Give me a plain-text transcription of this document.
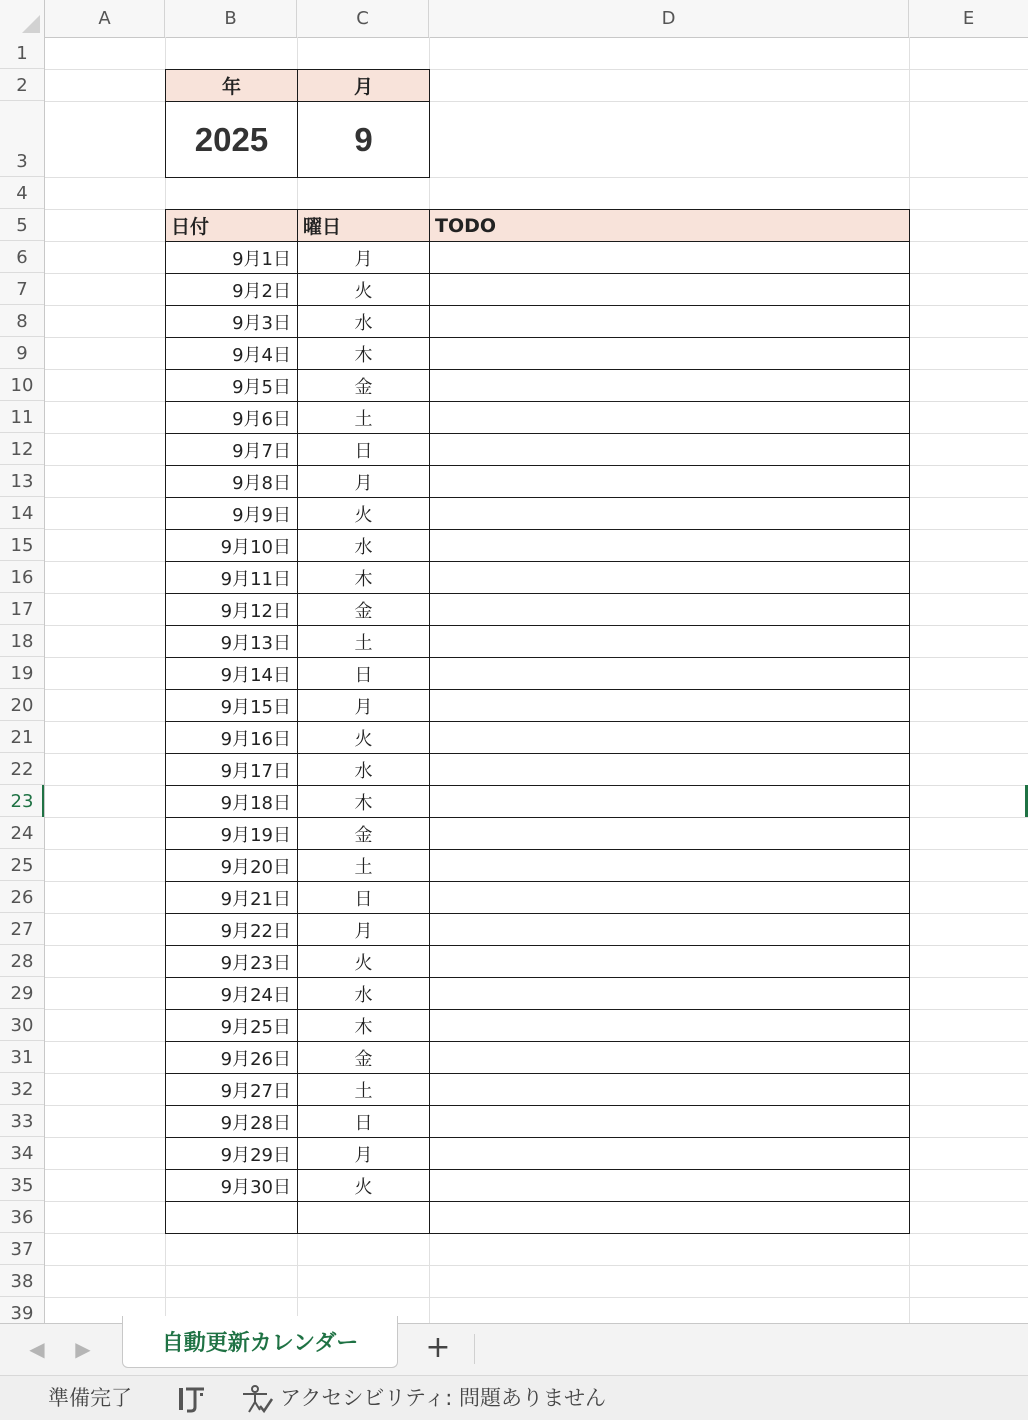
A	B	C	D	E
1
2
3
4
5
6
7
8
9
10
11
12
13
14
15
16
17
18
19
20
21
22
23
24
25
26
27
28
29
30
31
32
33
34
35
36
37
38
39
年	月
2025	9
日付	曜日	TODO
9月1日	月
9月2日	火
9月3日	水
9月4日	木
9月5日	金
9月6日	土
9月7日	日
9月8日	月
9月9日	火
9月10日	水
9月11日	木
9月12日	金
9月13日	土
9月14日	日
9月15日	月
9月16日	火
9月17日	水
9月18日	木
9月19日	金
9月20日	土
9月21日	日
9月22日	月
9月23日	火
9月24日	水
9月25日	木
9月26日	金
9月27日	土
9月28日	日
9月29日	月
9月30日	火
◀ ▶	自動更新カレンダー	+
準備完了	アクセシビリティ: 問題ありません
